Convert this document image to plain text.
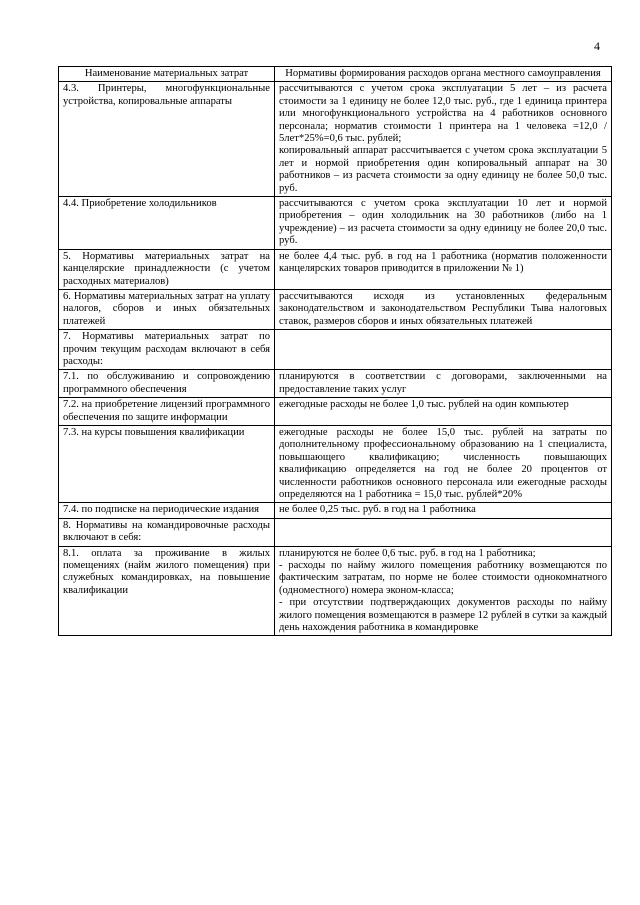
4
Наименование материальных затрат	Нормативы формирования расходов органа местного самоуправления
4.3. Принтеры, многофункциональные устройства, копировальные аппараты	рассчитываются с учетом срока эксплуатации 5 лет – из расчета стоимости за 1 единицу не более 12,0 тыс. руб., где 1 единица принтера или многофункционального устройства на 4 работников основного персонала; норматив стоимости 1 принтера на 1 человека =12,0 / 5лет*25%=0,6 тыс. рублей;
копировальный аппарат рассчитывается с учетом срока эксплуатации 5 лет и нормой приобретения один копировальный аппарат на 30 работников – из расчета стоимости за одну единицу не более 50,0 тыс. руб.

4.4. Приобретение холодильников	рассчитываются с учетом срока эксплуатации 10 лет и нормой приобретения – один холодильник на 30 работников (либо на 1 учреждение) – из расчета стоимости за одну единицу не более 20,0 тыс. руб.

5. Нормативы материальных затрат на канцелярские принадлежности (с учетом расходных материалов)	не более 4,4 тыс. руб. в год на 1 работника (норматив положенности канцелярских товаров приводится в приложении № 1)

6. Нормативы материальных затрат на уплату налогов, сборов и иных обязательных платежей	рассчитываются исходя из установленных федеральным законодательством и законодательством Республики Тыва налоговых ставок, размеров сборов и иных обязательных платежей

7. Нормативы материальных затрат по прочим текущим расходам включают в себя расходы:	
7.1. по обслуживанию и сопровождению программного обеспечения	планируются в соответствии с договорами, заключенными на предоставление таких услуг

7.2. на приобретение лицензий программного обеспечения по защите информации	ежегодные расходы не более 1,0 тыс. рублей на один компьютер

7.3. на курсы повышения квалификации	ежегодные расходы не более 15,0 тыс. рублей на затраты по дополнительному профессиональному образованию на 1 специалиста, повышающего квалификацию; численность повышающих квалификацию определяется на год не более 20 процентов от численности работников основного персонала или ежегодные расходы определяются на 1 работника = 15,0 тыс. рублей*20%

7.4. по подписке на периодические издания	не более 0,25 тыс. руб. в год на 1 работника

8. Нормативы на командировочные расходы включают в себя:	
8.1. оплата за проживание в жилых помещениях (найм жилого помещения) при служебных командировках, на повышение квалификации	планируются не более 0,6 тыс. руб. в год на 1 работника;
- расходы по найму жилого помещения работнику возмещаются по фактическим затратам, по норме не более стоимости однокомнатного (одноместного) номера эконом-класса;
- при отсутствии подтверждающих документов расходы по найму жилого помещения возмещаются в размере 12 рублей в сутки за каждый день нахождения работника в командировке
